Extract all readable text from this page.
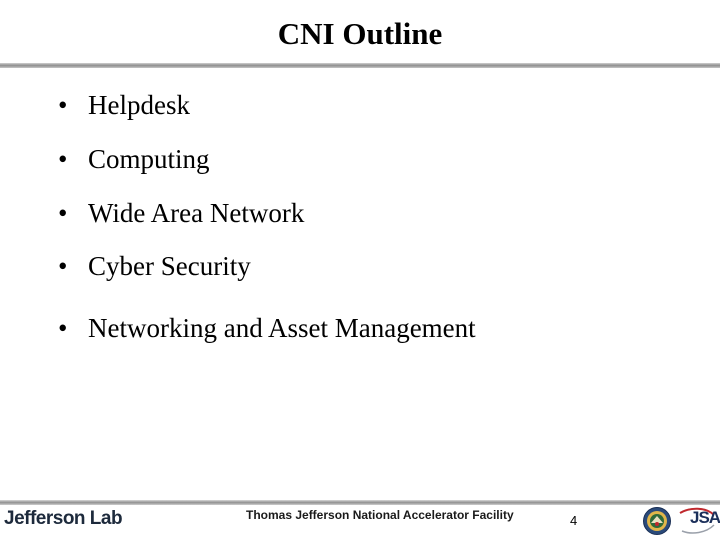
CNI Outline
• Helpdesk
• Computing
• Wide Area Network
• Cyber Security
• Networking and Asset Management
Jefferson Lab	Thomas Jefferson National Accelerator Facility	4	JSA
